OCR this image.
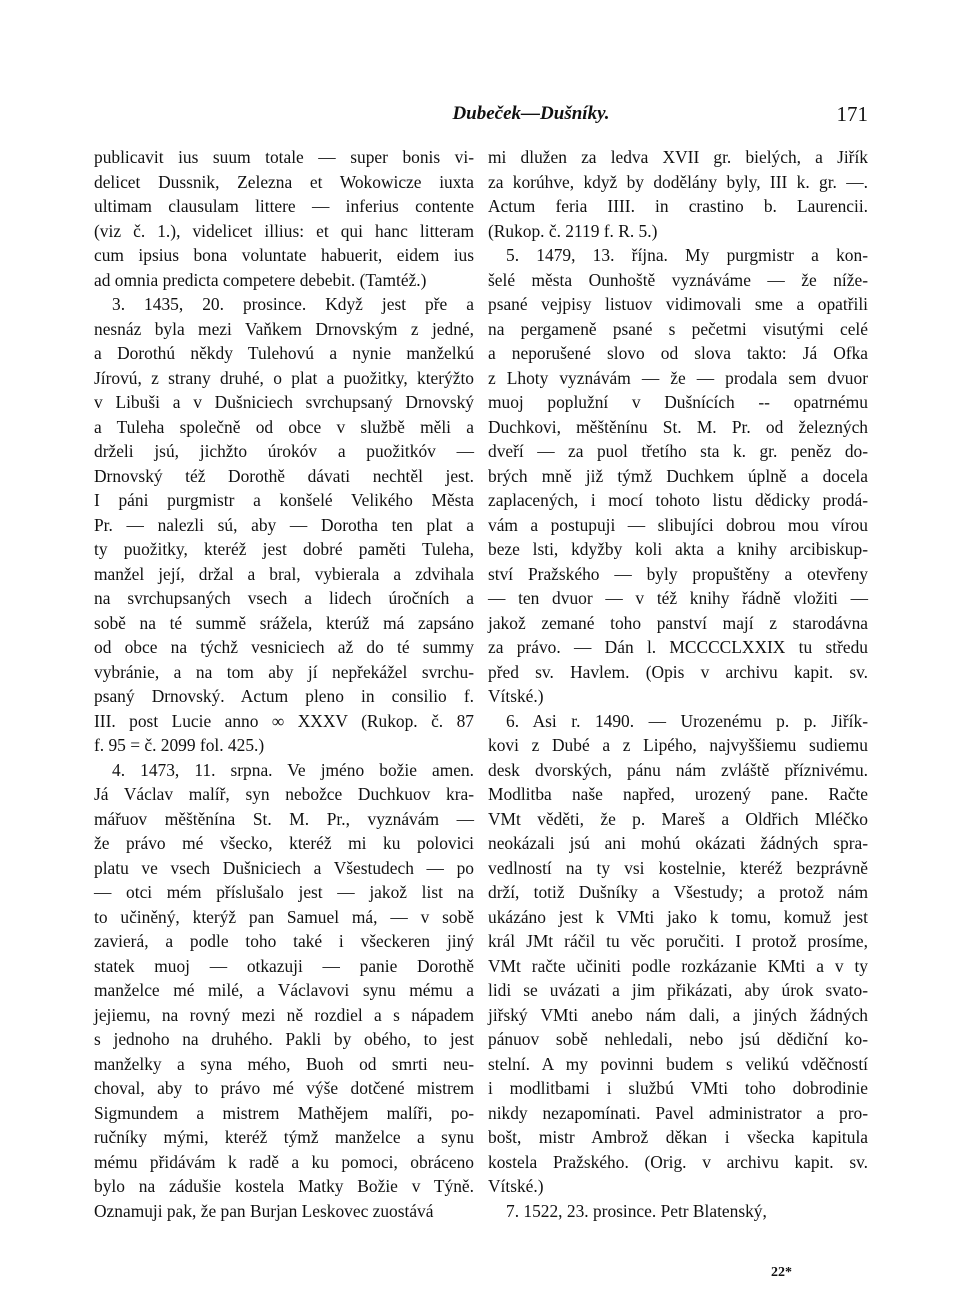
Dubeček—Dušníky.	171
publicavit ius suum totale — super bonis vi-
delicet Dussnik, Zelezna et Wokowicze iuxta
ultimam clausulam littere — inferius contente
(viz č. 1.), videlicet illius: et qui hanc litteram
cum ipsius bona voluntate habuerit, eidem ius
ad omnia predicta competere debebit. (Tamtéž.)
3. 1435, 20. prosince. Když jest pře a
nesnáz byla mezi Vaňkem Drnovským z jedné,
a Dorothú někdy Tulehovú a nynie manželkú
Jírovú, z strany druhé, o plat a puožitky, kterýžto
v Libuši a v Dušniciech svrchupsaný Drnovský
a Tuleha společně od obce v službě měli a
drželi jsú, jichžto úrokóv a puožitkóv —
Drnovský též Dorothě dávati nechtěl jest.
I páni purgmistr a konšelé Velikého Města
Pr. — nalezli sú, aby — Dorotha ten plat a
ty puožitky, kteréž jest dobré paměti Tuleha,
manžel její, držal a bral, vybierala a zdvihala
na svrchupsaných vsech a lidech úročních a
sobě na té summě srážela, kterúž má zapsáno
od obce na týchž vesniciech až do té summy
vybránie, a na tom aby jí nepřekážel svrchu-
psaný Drnovský. Actum pleno in consilio f.
III. post Lucie anno ∞ XXXV (Rukop. č. 87
f. 95 = č. 2099 fol. 425.)
4. 1473, 11. srpna. Ve jméno božie amen.
Já Václav malíř, syn nebožce Duchkuov kra-
mářuov měštěnína St. M. Pr., vyznávám —
že právo mé všecko, kteréž mi ku polovici
platu ve vsech Dušniciech a Všestudech — po
— otci mém příslušalo jest — jakož list na
to učiněný, kterýž pan Samuel má, — v sobě
zavierá, a podle toho také i všeckeren jiný
statek muoj — otkazuji — panie Dorothě
manželce mé milé, a Václavovi synu mému a
jejiemu, na rovný mezi ně rozdiel a s nápadem
s jednoho na druhého. Pakli by obého, to jest
manželky a syna mého, Buoh od smrti neu-
choval, aby to právo mé výše dotčené mistrem
Sigmundem a mistrem Mathějem malíři, po-
ručníky mými, kteréž týmž manželce a synu
mému přidávám k radě a ku pomoci, obráceno
bylo na zádušie kostela Matky Božie v Týně.
Oznamuji pak, že pan Burjan Leskovec zuostává
mi dlužen za ledva XVII gr. bielých, a Jiřík
za korúhve, když by dodělány byly, III k. gr. —.
Actum feria IIII. in crastino b. Laurencii.
(Rukop. č. 2119 f. R. 5.)
5. 1479, 13. října. My purgmistr a kon-
šelé města Ounhoště vyznáváme — že níže-
psané vejpisy listuov vidimovali sme a opatřili
na pergameně psané s pečetmi visutými celé
a neporušené slovo od slova takto: Já Ofka
z Lhoty vyznávám — že — prodala sem dvuor
muoj poplužní v Dušnících -- opatrnému
Duchkovi, měštěnínu St. M. Pr. od železných
dveří — za puol třetího sta k. gr. peněz do-
brých mně již týmž Duchkem úplně a docela
zaplacených, i mocí tohoto listu dědicky prodá-
vám a postupuji — slibujíci dobrou mou vírou
beze lsti, kdyžby koli akta a knihy arcibiskup-
ství Pražského — byly propuštěny a otevřeny
— ten dvuor — v též knihy řádně vložiti —
jakož zemané toho panství mají z starodávna
za právo. — Dán l. MCCCCLXXIX tu středu
před sv. Havlem. (Opis v archivu kapit. sv.
Vítské.)
6. Asi r. 1490. — Urozenému p. p. Jiřík-
kovi z Dubé a z Lipého, najvyššiemu sudiemu
desk dvorských, pánu nám zvláště příznivému.
Modlitba naše napřed, urozený pane. Račte
VMt věděti, že p. Mareš a Oldřich Mléčko
neokázali jsú ani mohú okázati žádných spra-
vedlností na ty vsi kostelnie, kteréž bezprávně
drží, totiž Dušníky a Všestudy; a protož nám
ukázáno jest k VMti jako k tomu, komuž jest
král JMt ráčil tu věc poručiti. I protož prosíme,
VMt račte učiniti podle rozkázanie KMti a v ty
lidi se uvázati a jim přikázati, aby úrok svato-
jiřský VMti anebo nám dali, a jiných žádných
pánuov sobě nehledali, nebo jsú dědiční ko-
stelní. A my povinni budem s velikú vděčností
i modlitbami i službú VMti toho dobrodinie
nikdy nezapomínati. Pavel administrator a pro-
bošt, mistr Ambrož děkan i všecka kapitula
kostela Pražského. (Orig. v archivu kapit. sv.
Vítské.)
7. 1522, 23. prosince. Petr Blatenský,
22*
